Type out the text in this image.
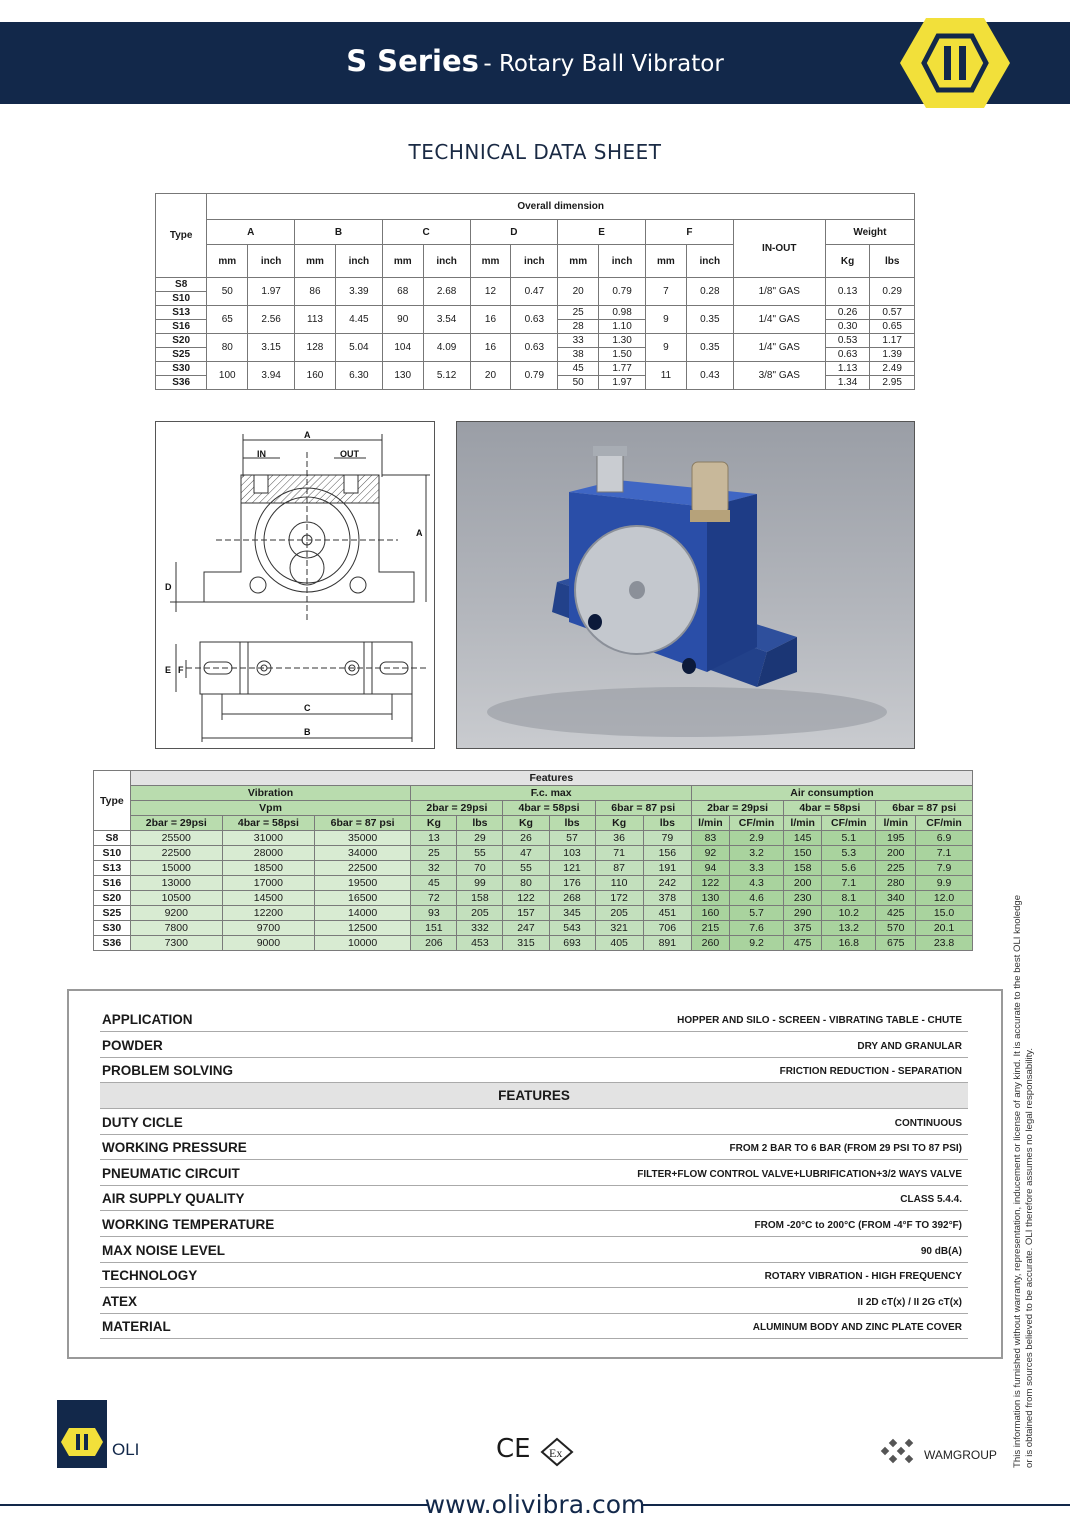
S Series - Rotary Ball Vibrator
TECHNICAL DATA SHEET
Type	Overall dimension														
	A		B		C		D		E		F		IN-OUT	Weight	
	mm	inch	mm	inch	mm	inch	mm	inch	mm	inch	mm	inch		Kg	lbs
S8	50	1.97	86	3.39	68	2.68	12	0.47	20	0.79	7	0.28	1/8" GAS	0.13	0.29
S10															
S13	65	2.56	113	4.45	90	3.54	16	0.63	25	0.98	9	0.35	1/4" GAS	0.26	0.57
S16									28	1.10				0.30	0.65
S20	80	3.15	128	5.04	104	4.09	16	0.63	33	1.30	9	0.35	1/4" GAS	0.53	1.17
S25									38	1.50				0.63	1.39
S30	100	3.94	160	6.30	130	5.12	20	0.79	45	1.77	11	0.43	3/8" GAS	1.13	2.49
S36									50	1.97				1.34	2.95
A
IN	OUT
A
D
E F
C
B
Type	Features														
	Vibration			F.c. max						Air consumption					
	Vpm			2bar = 29psi		4bar = 58psi		6bar = 87 psi		2bar = 29psi		4bar = 58psi		6bar = 87 psi	
	2bar = 29psi	4bar = 58psi	6bar = 87 psi	Kg	lbs	Kg	lbs	Kg	lbs	l/min	CF/min	l/min	CF/min	l/min	CF/min
S8	25500	31000	35000	13	29	26	57	36	79	83	2.9	145	5.1	195	6.9
S10	22500	28000	34000	25	55	47	103	71	156	92	3.2	150	5.3	200	7.1
S13	15000	18500	22500	32	70	55	121	87	191	94	3.3	158	5.6	225	7.9
S16	13000	17000	19500	45	99	80	176	110	242	122	4.3	200	7.1	280	9.9
S20	10500	14500	16500	72	158	122	268	172	378	130	4.6	230	8.1	340	12.0
S25	9200	12200	14000	93	205	157	345	205	451	160	5.7	290	10.2	425	15.0
S30	7800	9700	12500	151	332	247	543	321	706	215	7.6	375	13.2	570	20.1
S36	7300	9000	10000	206	453	315	693	405	891	260	9.2	475	16.8	675	23.8
APPLICATION	HOPPER AND SILO - SCREEN - VIBRATING TABLE - CHUTE
POWDER	DRY AND GRANULAR
PROBLEM SOLVING	FRICTION REDUCTION - SEPARATION
FEATURES
DUTY CICLE	CONTINUOUS
WORKING PRESSURE	FROM 2 BAR TO 6 BAR (FROM 29 PSI TO 87 PSI)
PNEUMATIC CIRCUIT	FILTER+FLOW CONTROL VALVE+LUBRIFICATION+3/2 WAYS VALVE
AIR SUPPLY QUALITY	CLASS 5.4.4.
WORKING TEMPERATURE	FROM -20°C to 200°C (FROM -4°F TO 392°F)
MAX NOISE LEVEL	90 dB(A)
TECHNOLOGY	ROTARY VIBRATION - HIGH FREQUENCY
ATEX	II 2D cT(x) / II 2G cT(x)
MATERIAL	ALUMINUM BODY AND ZINC PLATE COVER	This information is furnished without warranty, representation, inducement or license of any kind. It is accurate to the best OLI knoledge or is obtained from sources believed to be accurate. OLI therefore assumes no legal responsability.
OLI	CE Ex	WAMGROUP
www.olivibra.com
